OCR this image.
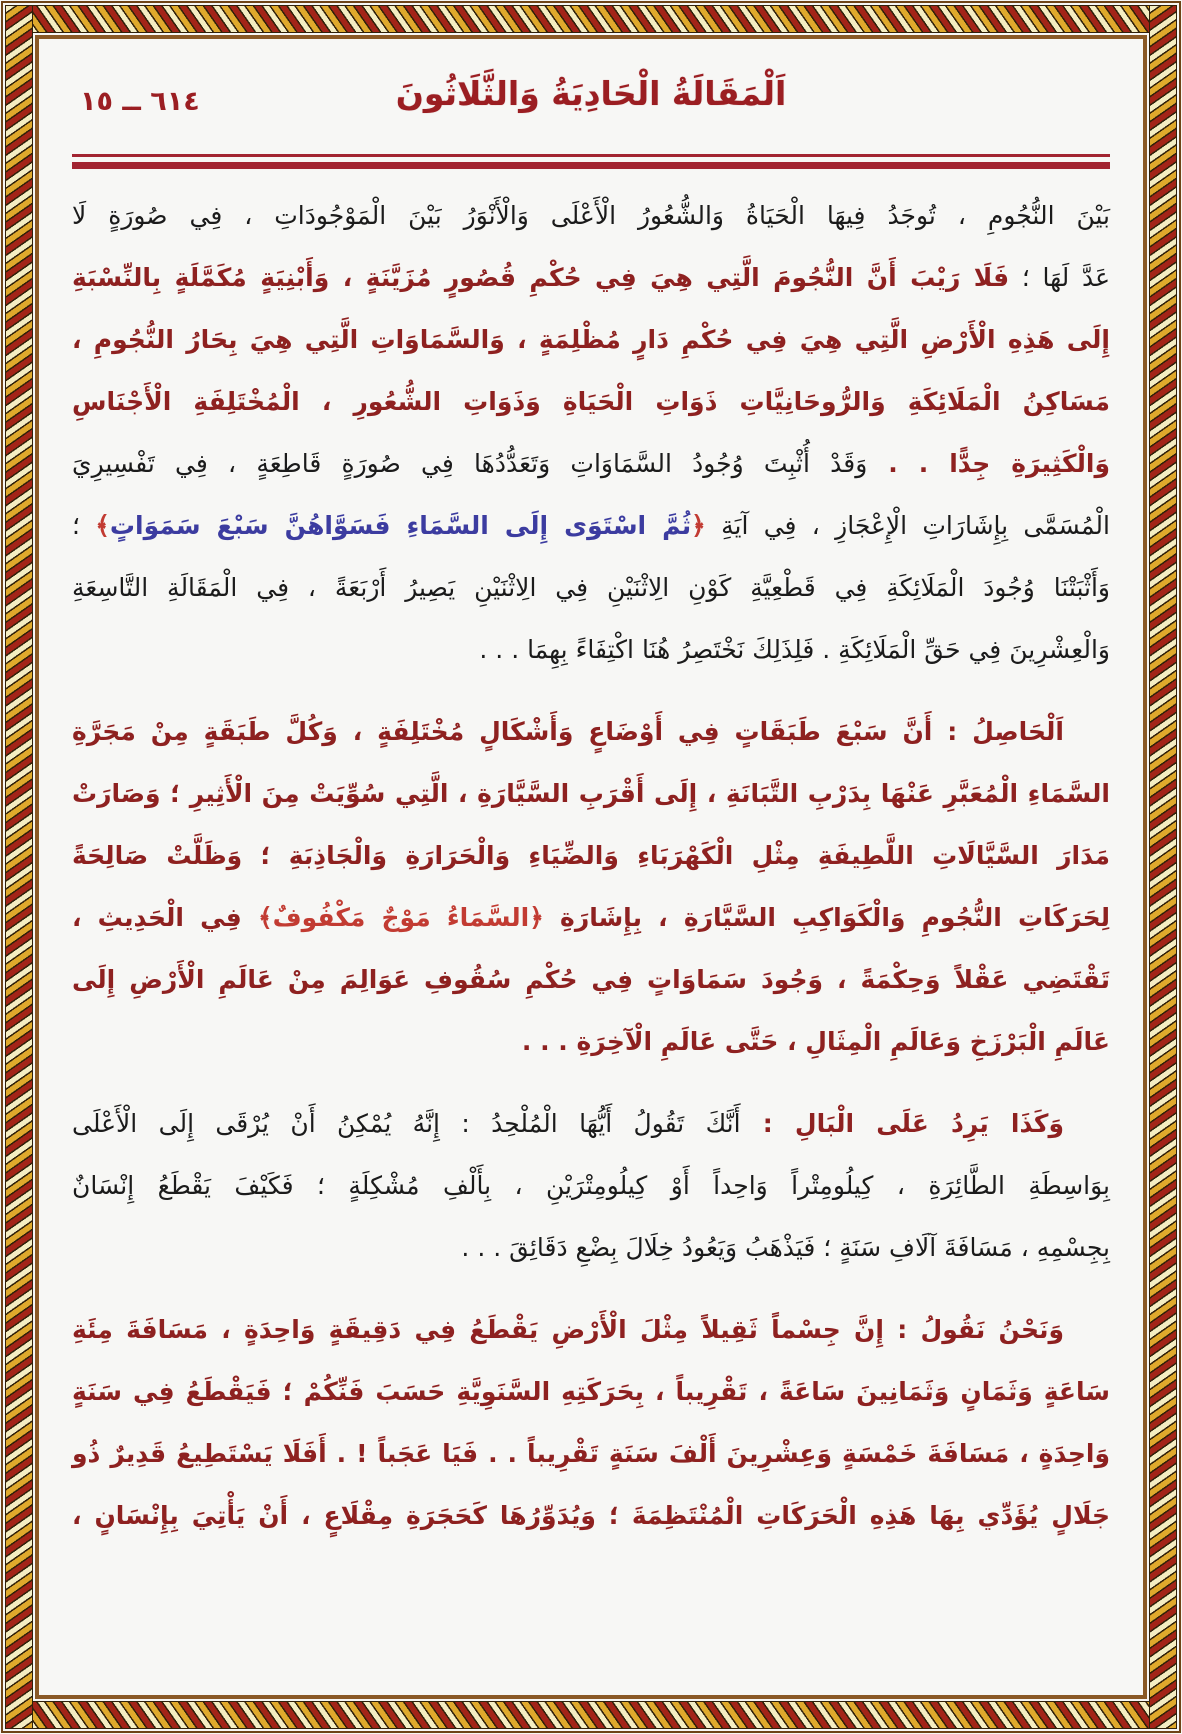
اَلْمَقَالَةُ الْحَادِيَةُ وَالثَّلَاثُونَ
٦١٤ ــ ١٥
بَيْنَ النُّجُومِ ، تُوجَدُ فِيهَا الْحَيَاةُ وَالشُّعُورُ الْأَعْلَى وَالْأَنْوَرُ بَيْنَ الْمَوْجُودَاتِ ، فِي صُورَةٍ لَا
عَدَّ لَهَا ؛ فَلَا رَيْبَ أَنَّ النُّجُومَ الَّتِي هِيَ فِي حُكْمِ قُصُورٍ مُزَيَّنَةٍ ، وَأَبْنِيَةٍ مُكَمَّلَةٍ بِالنِّسْبَةِ
إِلَى هَذِهِ الْأَرْضِ الَّتِي هِيَ فِي حُكْمِ دَارٍ مُظْلِمَةٍ ، وَالسَّمَاوَاتِ الَّتِي هِيَ بِحَارُ النُّجُومِ ،
مَسَاكِنُ الْمَلَائِكَةِ وَالرُّوحَانِيَّاتِ ذَوَاتِ الْحَيَاةِ وَذَوَاتِ الشُّعُورِ ، الْمُخْتَلِفَةِ الْأَجْنَاسِ
وَالْكَثِيرَةِ جِدًّا . . وَقَدْ أُثْبِتَ وُجُودُ السَّمَاوَاتِ وَتَعَدُّدُهَا فِي صُورَةٍ قَاطِعَةٍ ، فِي تَفْسِيرِيَ
الْمُسَمَّى بِإِشَارَاتِ الْإِعْجَازِ ، فِي آيَةِ ﴿ثُمَّ اسْتَوَى إِلَى السَّمَاءِ فَسَوَّاهُنَّ سَبْعَ سَمَوَاتٍ﴾ ؛
وَأَثْبَتْنَا وُجُودَ الْمَلَائِكَةِ فِي قَطْعِيَّةِ كَوْنِ الِاثْنَيْنِ فِي الِاثْنَيْنِ يَصِيرُ أَرْبَعَةً ، فِي الْمَقَالَةِ التَّاسِعَةِ
وَالْعِشْرِينَ فِي حَقِّ الْمَلَائِكَةِ . فَلِذَلِكَ نَخْتَصِرُ هُنَا اكْتِفَاءً بِهِمَا . . .
اَلْحَاصِلُ : أَنَّ سَبْعَ طَبَقَاتٍ فِي أَوْضَاعٍ وَأَشْكَالٍ مُخْتَلِفَةٍ ، وَكُلَّ طَبَقَةٍ مِنْ مَجَرَّةِ
السَّمَاءِ الْمُعَبَّرِ عَنْهَا بِدَرْبِ التَّبَانَةِ ، إِلَى أَقْرَبِ السَّيَّارَةِ ، الَّتِي سُوِّيَتْ مِنَ الْأَثِيرِ ؛ وَصَارَتْ
مَدَارَ السَّيَّالَاتِ اللَّطِيفَةِ مِثْلِ الْكَهْرَبَاءِ وَالضِّيَاءِ وَالْحَرَارَةِ وَالْجَاذِبَةِ ؛ وَظَلَّتْ صَالِحَةً
لِحَرَكَاتِ النُّجُومِ وَالْكَوَاكِبِ السَّيَّارَةِ ، بِإِشَارَةِ ﴿السَّمَاءُ مَوْجٌ مَكْفُوفٌ﴾ فِي الْحَدِيثِ ،
تَقْتَضِي عَقْلاً وَحِكْمَةً ، وَجُودَ سَمَاوَاتٍ فِي حُكْمِ سُقُوفِ عَوَالِمَ مِنْ عَالَمِ الْأَرْضِ إِلَى
عَالَمِ الْبَرْزَخِ وَعَالَمِ الْمِثَالِ ، حَتَّى عَالَمِ الْآخِرَةِ . . .
وَكَذَا يَرِدُ عَلَى الْبَالِ : أَنَّكَ تَقُولُ أَيُّهَا الْمُلْحِدُ : إِنَّهُ يُمْكِنُ أَنْ يُرْقَى إِلَى الْأَعْلَى
بِوَاسِطَةِ الطَّائِرَةِ ، كِيلُومِتْراً وَاحِداً أَوْ كِيلُومِتْرَيْنِ ، بِأَلْفِ مُشْكِلَةٍ ؛ فَكَيْفَ يَقْطَعُ إِنْسَانٌ
بِجِسْمِهِ ، مَسَافَةَ آلَافِ سَنَةٍ ؛ فَيَذْهَبُ وَيَعُودُ خِلَالَ بِضْعِ دَقَائِقَ . . .
وَنَحْنُ نَقُولُ : إِنَّ جِسْماً ثَقِيلاً مِثْلَ الْأَرْضِ يَقْطَعُ فِي دَقِيقَةٍ وَاحِدَةٍ ، مَسَافَةَ مِئَةِ
سَاعَةٍ وَثَمَانٍ وَثَمَانِينَ سَاعَةً ، تَقْرِيباً ، بِحَرَكَتِهِ السَّنَوِيَّةِ حَسَبَ فَنِّكُمْ ؛ فَيَقْطَعُ فِي سَنَةٍ
وَاحِدَةٍ ، مَسَافَةَ خَمْسَةٍ وَعِشْرِينَ أَلْفَ سَنَةٍ تَقْرِيباً . . فَيَا عَجَباً ! . أَفَلَا يَسْتَطِيعُ قَدِيرٌ ذُو
جَلَالٍ يُؤَدِّي بِهَا هَذِهِ الْحَرَكَاتِ الْمُنْتَظِمَةَ ؛ وَيُدَوِّرُهَا كَحَجَرَةِ مِقْلَاعٍ ، أَنْ يَأْتِيَ بِإِنْسَانٍ ،
